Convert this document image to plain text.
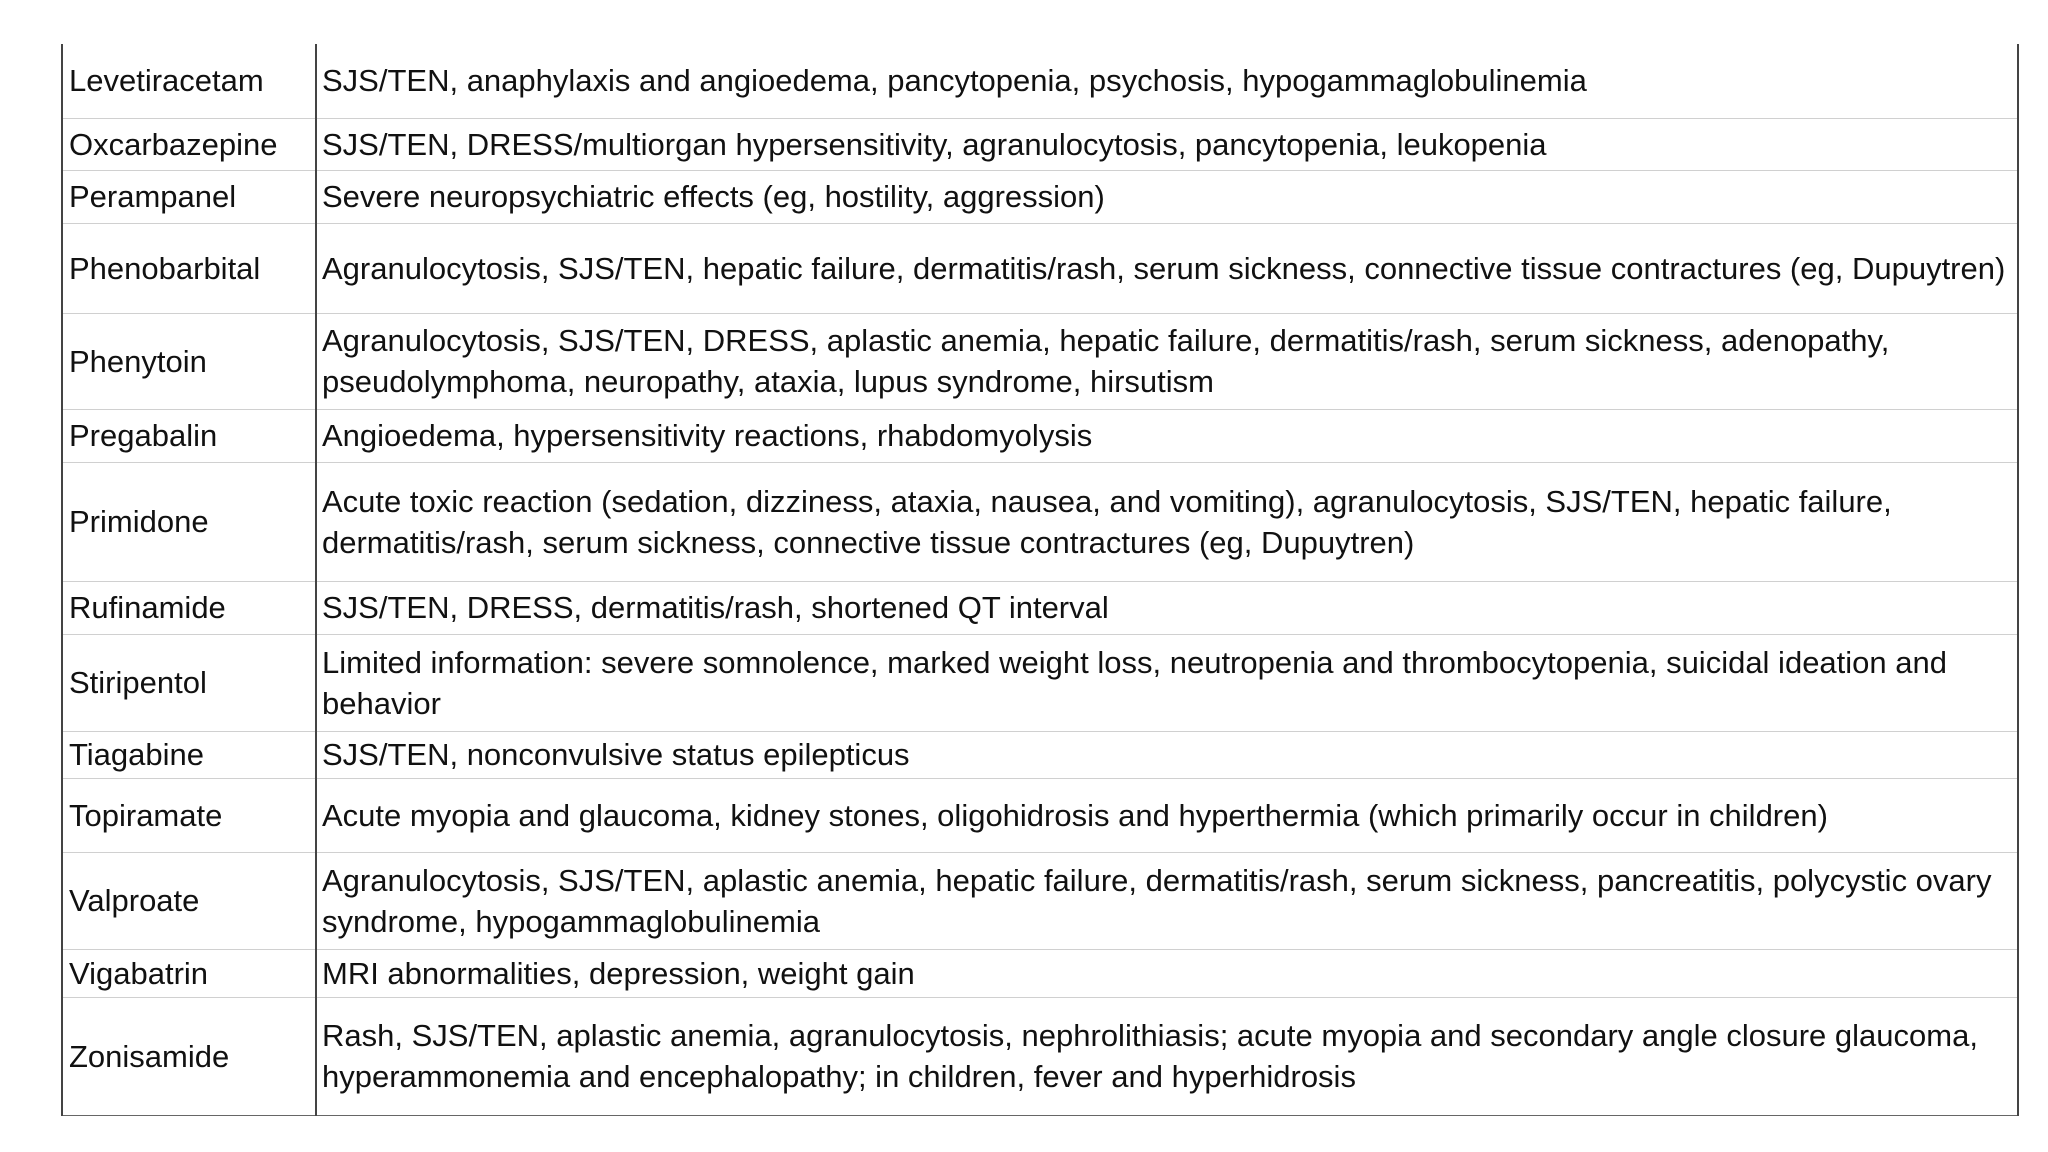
Levetiracetam	SJS/TEN, anaphylaxis and angioedema, pancytopenia, psychosis, hypogammaglobulinemia
Oxcarbazepine	SJS/TEN, DRESS/multiorgan hypersensitivity, agranulocytosis, pancytopenia, leukopenia
Perampanel	Severe neuropsychiatric effects (eg, hostility, aggression)
Phenobarbital	Agranulocytosis, SJS/TEN, hepatic failure, dermatitis/rash, serum sickness, connective tissue contractures (eg, Dupuytren)
Phenytoin	Agranulocytosis, SJS/TEN, DRESS, aplastic anemia, hepatic failure, dermatitis/rash, serum sickness, adenopathy, pseudolymphoma, neuropathy, ataxia, lupus syndrome, hirsutism
Pregabalin	Angioedema, hypersensitivity reactions, rhabdomyolysis
Primidone	Acute toxic reaction (sedation, dizziness, ataxia, nausea, and vomiting), agranulocytosis, SJS/TEN, hepatic failure, dermatitis/rash, serum sickness, connective tissue contractures (eg, Dupuytren)
Rufinamide	SJS/TEN, DRESS, dermatitis/rash, shortened QT interval
Stiripentol	Limited information: severe somnolence, marked weight loss, neutropenia and thrombocytopenia, suicidal ideation and behavior
Tiagabine	SJS/TEN, nonconvulsive status epilepticus
Topiramate	Acute myopia and glaucoma, kidney stones, oligohidrosis and hyperthermia (which primarily occur in children)
Valproate	Agranulocytosis, SJS/TEN, aplastic anemia, hepatic failure, dermatitis/rash, serum sickness, pancreatitis, polycystic ovary syndrome, hypogammaglobulinemia
Vigabatrin	MRI abnormalities, depression, weight gain
Zonisamide	Rash, SJS/TEN, aplastic anemia, agranulocytosis, nephrolithiasis; acute myopia and secondary angle closure glaucoma, hyperammonemia and encephalopathy; in children, fever and hyperhidrosis
